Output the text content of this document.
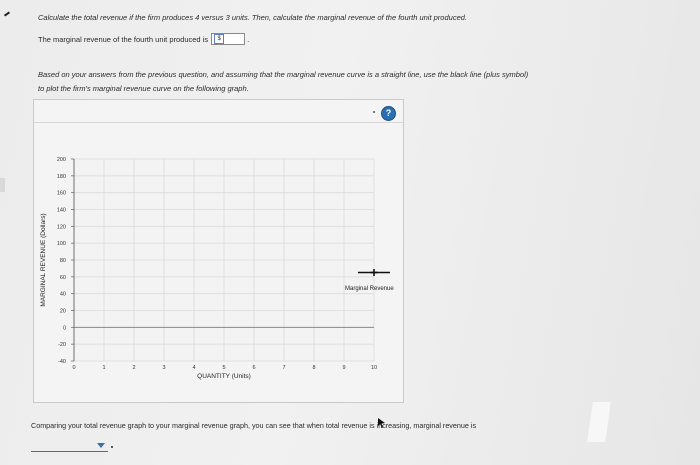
Calculate the total revenue if the firm produces 4 versus 3 units. Then, calculate the marginal revenue of the fourth unit produced.
The marginal revenue of the fourth unit produced is	$	.
Based on your answers from the previous question, and assuming that the marginal revenue curve is a straight line, use the black line (plus symbol)
to plot the firm's marginal revenue curve on the following graph.
?
-40
-20
0
20
40
60
80
100
120
140
160
180
200
0	1	2	3	4	5	6	7	8	9	10
QUANTITY (Units)
MARGINAL REVENUE (Dollars)	Marginal Revenue
Comparing your total revenue graph to your marginal revenue graph, you can see that when total revenue is increasing, marginal revenue is
